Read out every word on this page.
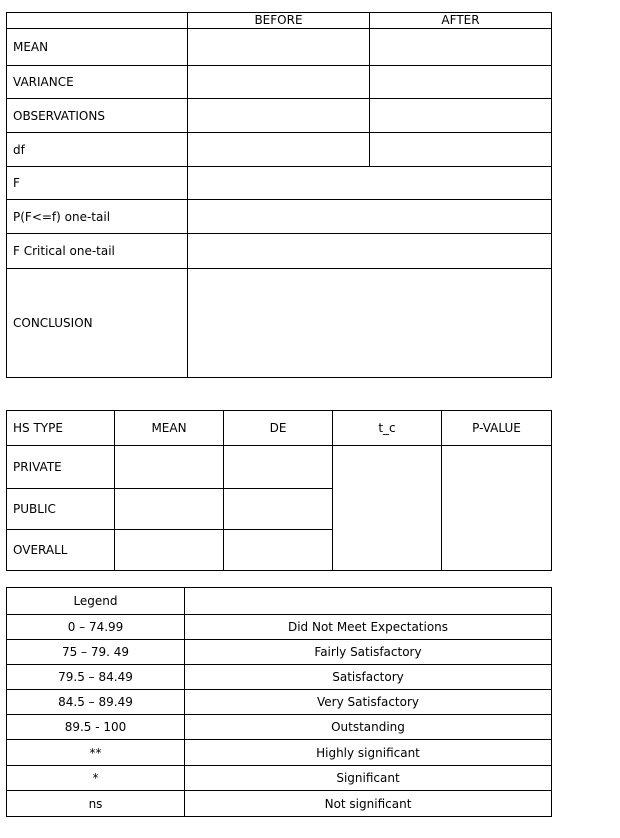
	BEFORE	AFTER
MEAN		
VARIANCE		
OBSERVATIONS		
df		
F		
P(F<=f) one-tail		
F Critical one-tail		
CONCLUSION		
HS TYPE	MEAN	DE	t_c	P-VALUE
PRIVATE				
PUBLIC				
OVERALL				
Legend	
0 – 74.99	Did Not Meet Expectations
75 – 79. 49	Fairly Satisfactory
79.5 – 84.49	Satisfactory
84.5 – 89.49	Very Satisfactory
89.5 - 100	Outstanding
**	Highly significant
*	Significant
ns	Not significant
